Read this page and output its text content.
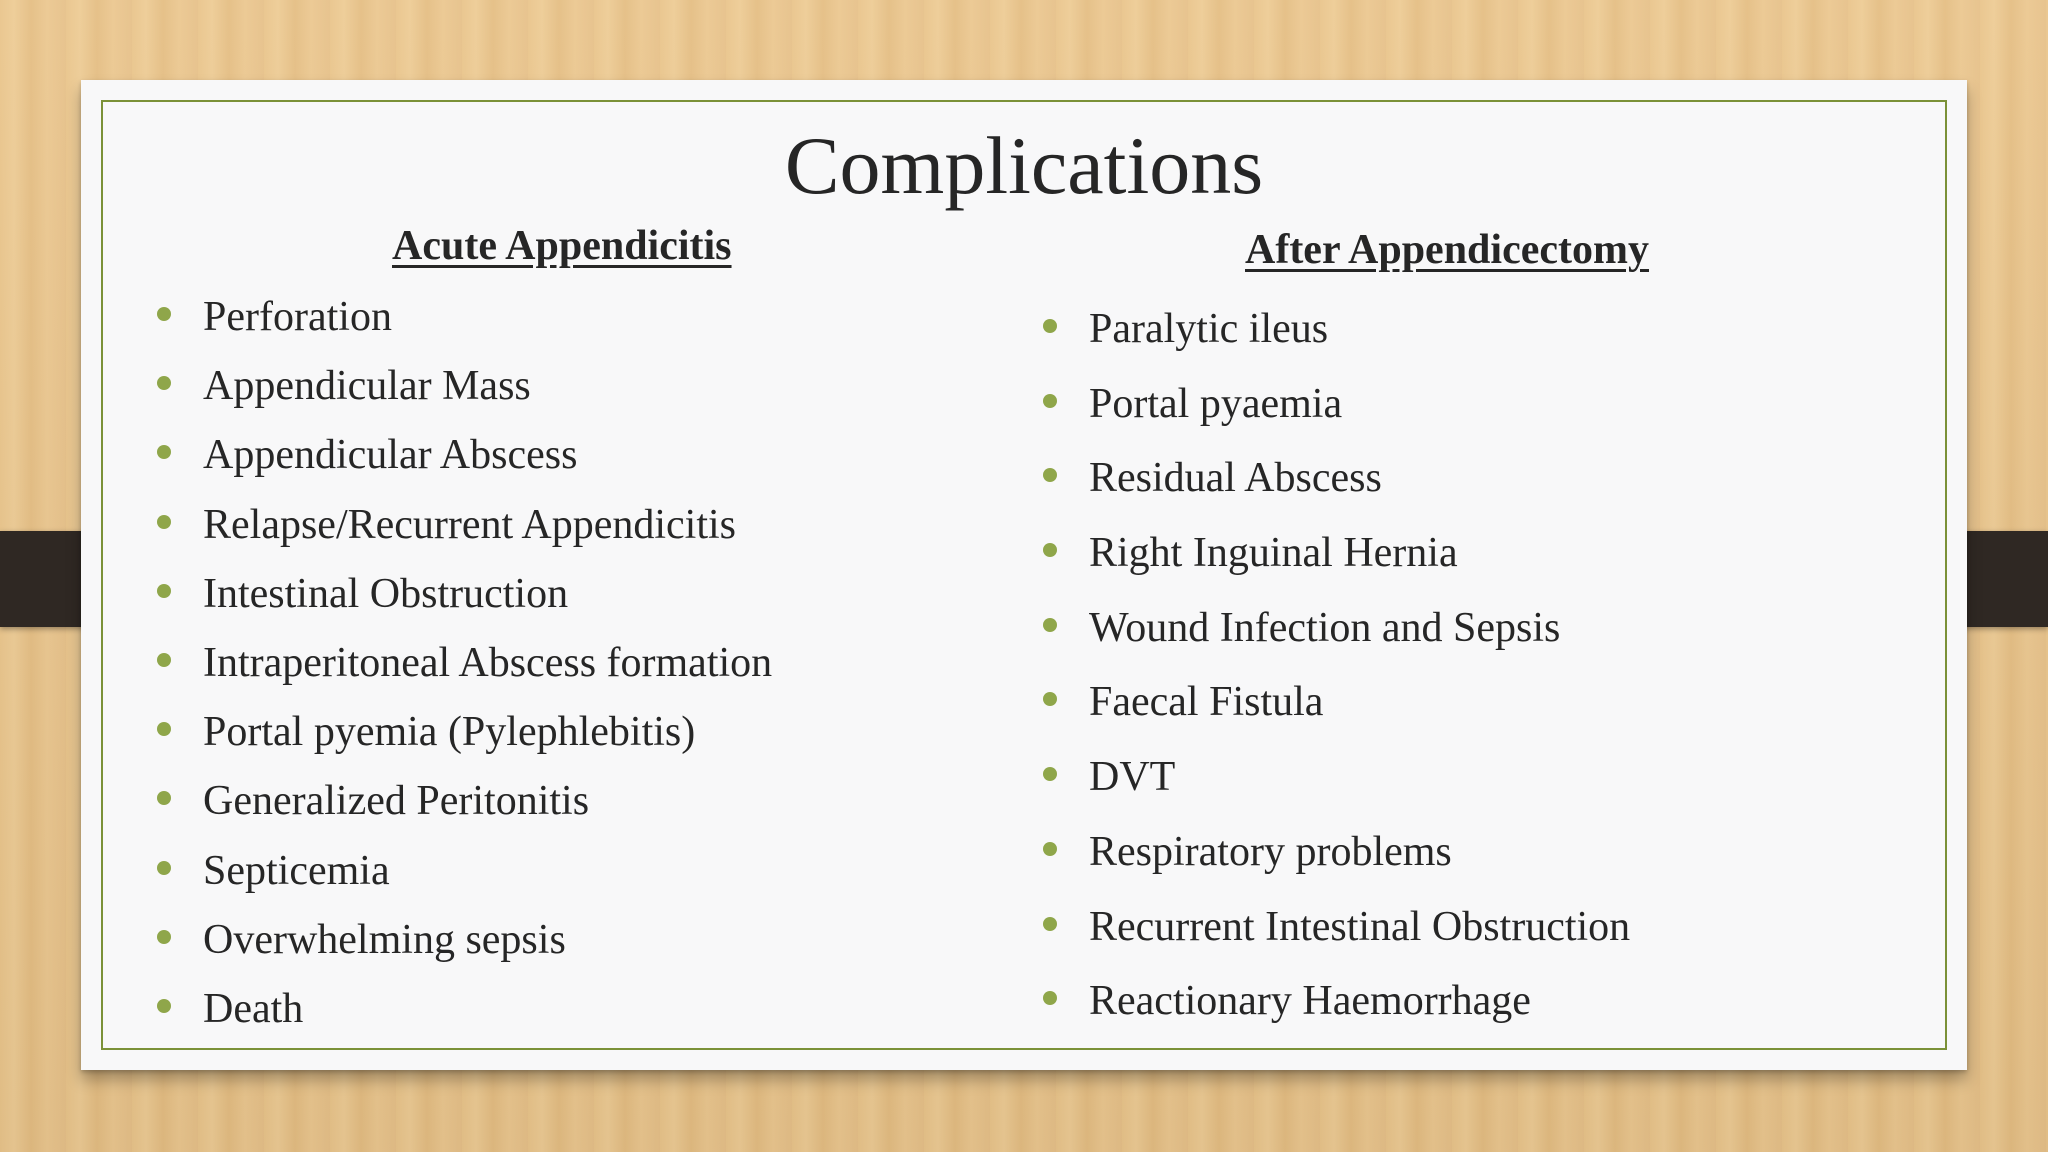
Complications
Acute Appendicitis	After Appendicectomy
Perforation
Appendicular Mass
Appendicular Abscess
Relapse/Recurrent Appendicitis
Intestinal Obstruction
Intraperitoneal Abscess formation
Portal pyemia (Pylephlebitis)
Generalized Peritonitis
Septicemia
Overwhelming sepsis
Death
Paralytic ileus
Portal pyaemia
Residual Abscess
Right Inguinal Hernia
Wound Infection and Sepsis
Faecal Fistula
DVT
Respiratory problems
Recurrent Intestinal Obstruction
Reactionary Haemorrhage
